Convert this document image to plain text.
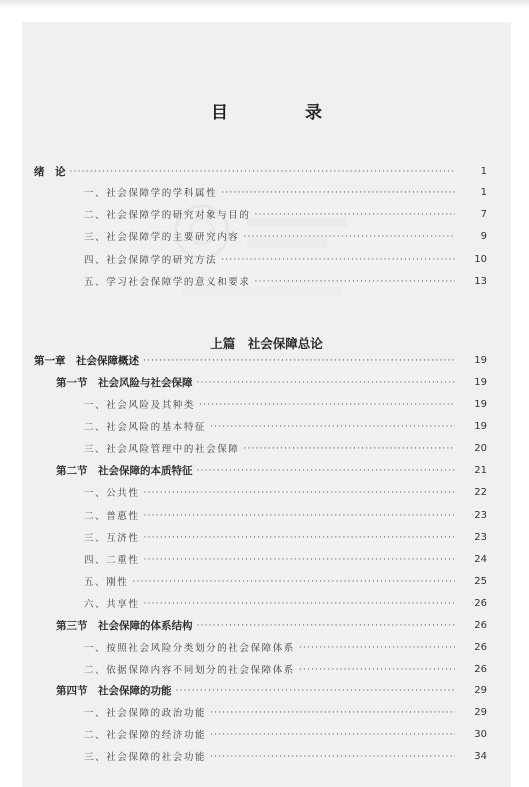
目　录
上篇　社会保障总论
绪　论 ·····	1
一、社会保障学的学科属性 ·····	1
二、社会保障学的研究对象与目的 ·····	7
三、社会保障学的主要研究内容 ·····	9
四、社会保障学的研究方法 ·····	10
五、学习社会保障学的意义和要求 ·····	13
第一章　社会保障概述 ·····	19
第一节　社会风险与社会保障 ·····	19
一、社会风险及其种类 ·····	19
二、社会风险的基本特征 ·····	19
三、社会风险管理中的社会保障 ·····	20
第二节　社会保障的本质特征 ·····	21
一、公共性 ·····	22
二、普惠性 ·····	23
三、互济性 ·····	23
四、二重性 ·····	24
五、刚性 ·····	25
六、共享性 ·····	26
第三节　社会保障的体系结构 ·····	26
一、按照社会风险分类划分的社会保障体系 ·····	26
二、依据保障内容不同划分的社会保障体系 ·····	26
第四节　社会保障的功能 ·····	29
一、社会保障的政治功能 ·····	29
二、社会保障的经济功能 ·····	30
三、社会保障的社会功能 ·····	34
